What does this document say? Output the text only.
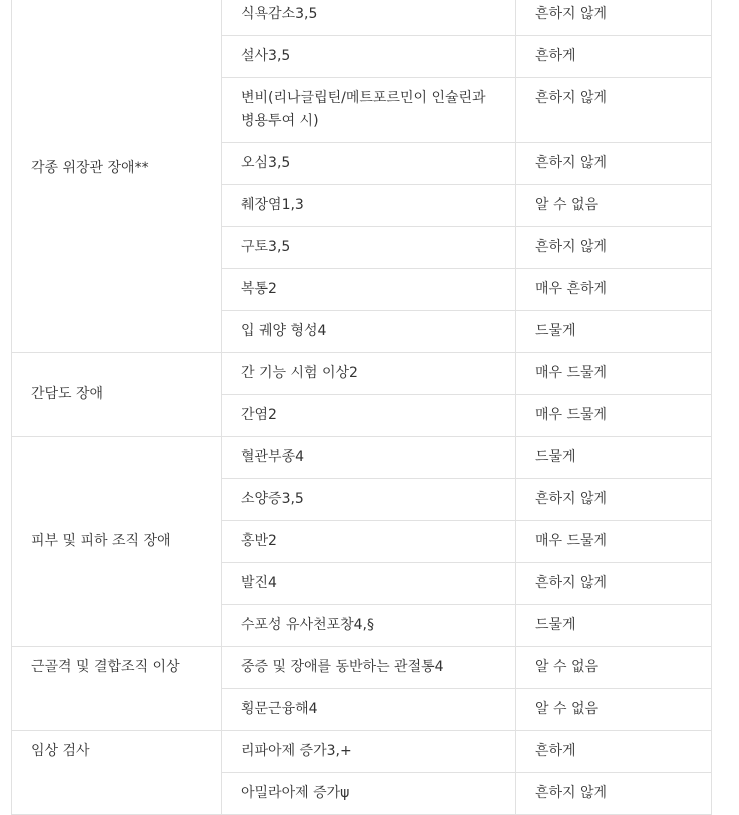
각종 위장관 장애**	식욕감소3,5	흔하지 않게
	설사3,5	흔하게
	변비(리나글립틴/메트포르민이 인슐린과 병용투여 시)	흔하지 않게
	오심3,5	흔하지 않게
	췌장염1,3	알 수 없음
	구토3,5	흔하지 않게
	복통2	매우 흔하게
	입 궤양 형성4	드물게
간담도 장애	간 기능 시험 이상2	매우 드물게
	간염2	매우 드물게
피부 및 피하 조직 장애	혈관부종4	드물게
	소양증3,5	흔하지 않게
	홍반2	매우 드물게
	발진4	흔하지 않게
	수포성 유사천포창4,§	드물게
근골격 및 결합조직 이상	중증 및 장애를 동반하는 관절통4	알 수 없음
	횡문근융해4	알 수 없음
임상 검사	리파아제 증가3,+	흔하게
	아밀라아제 증가ψ	흔하지 않게
